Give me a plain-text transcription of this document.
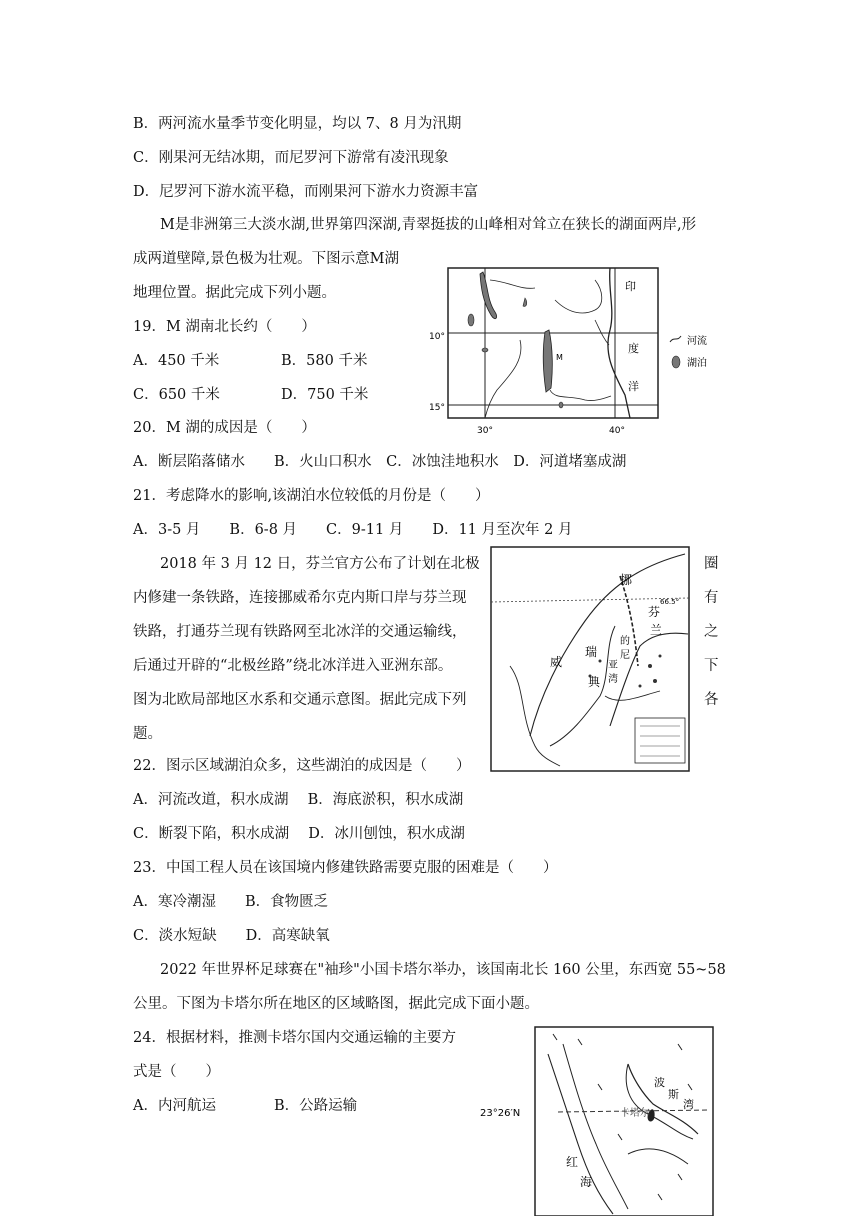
B．两河流水量季节变化明显，均以 7、8 月为汛期
C．刚果河无结冰期，而尼罗河下游常有凌汛现象
D．尼罗河下游水流平稳，而刚果河下游水力资源丰富
M是非洲第三大淡水湖,世界第四深湖,青翠挺拔的山峰相对耸立在狭长的湖面两岸,形
成两道壁障,景色极为壮观。下图示意M湖
地理位置。据此完成下列小题。
19．M 湖南北长约（　　）
A．450 千米	B．580 千米
C．650 千米	D．750 千米
20．M 湖的成因是（　　）
A．断层陷落储水　　B．火山口积水　C．冰蚀洼地积水　D．河道堵塞成湖
21．考虑降水的影响,该湖泊水位较低的月份是（　　）
A．3-5 月　　B．6-8 月　　C．9-11 月　　D．11 月至次年 2 月
2018 年 3 月 12 日，芬兰官方公布了计划在北极
内修建一条铁路，连接挪威希尔克内斯口岸与芬兰现
铁路，打通芬兰现有铁路网至北冰洋的交通运输线，
后通过开辟的“北极丝路”绕北冰洋进入亚洲东部。
图为北欧局部地区水系和交通示意图。据此完成下列
题。
圈
有
之
下
各
22．图示区域湖泊众多，这些湖泊的成因是（　　）
A．河流改道，积水成湖　 B．海底淤积，积水成湖
C．断裂下陷，积水成湖　 D．冰川刨蚀，积水成湖
23．中国工程人员在该国境内修建铁路需要克服的困难是（　　）
A．寒冷潮湿　　B．食物匮乏
C．淡水短缺　　D．高寒缺氧
2022 年世界杯足球赛在"袖珍"小国卡塔尔举办，该国南北长 160 公里，东西宽 55~58
公里。下图为卡塔尔所在地区的区域略图，据此完成下面小题。
24．根据材料，推测卡塔尔国内交通运输的主要方
式是（　　）
A．内河航运　　　　B．公路运输
10°
15°
30°	40°
印
度
洋
M
河流
湖泊
挪
66.5°
芬
兰
瑞
典
威
的
尼
亚
湾
23°26′N	卡塔尔
波
斯
湾
红
海
